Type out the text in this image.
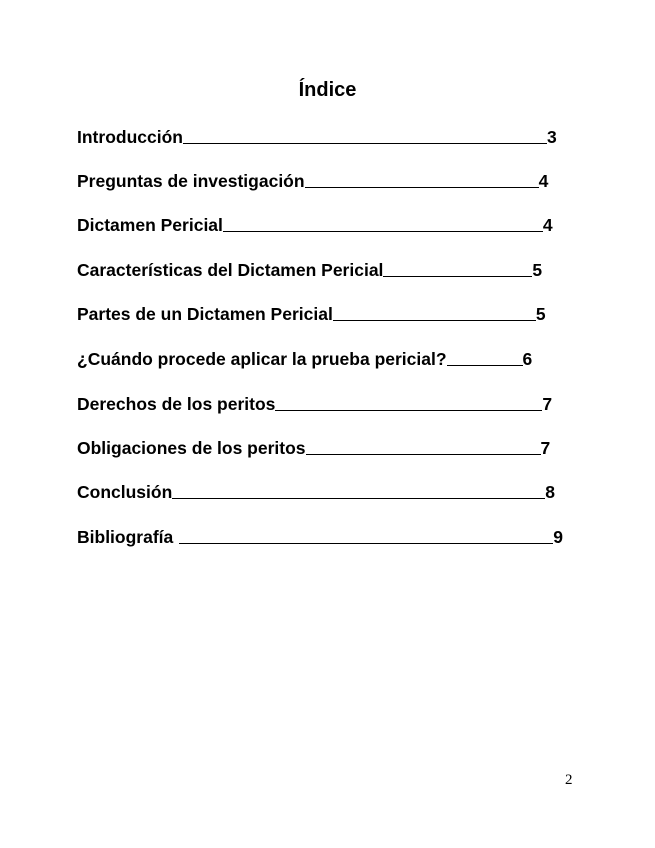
Índice
Introducción	3
Preguntas de investigación	4
Dictamen Pericial	4
Características del Dictamen Pericial	5
Partes de un Dictamen Pericial	5
¿Cuándo procede aplicar la prueba pericial?	6
Derechos de los peritos	7
Obligaciones de los peritos	7
Conclusión	8
Bibliografía	9
2
